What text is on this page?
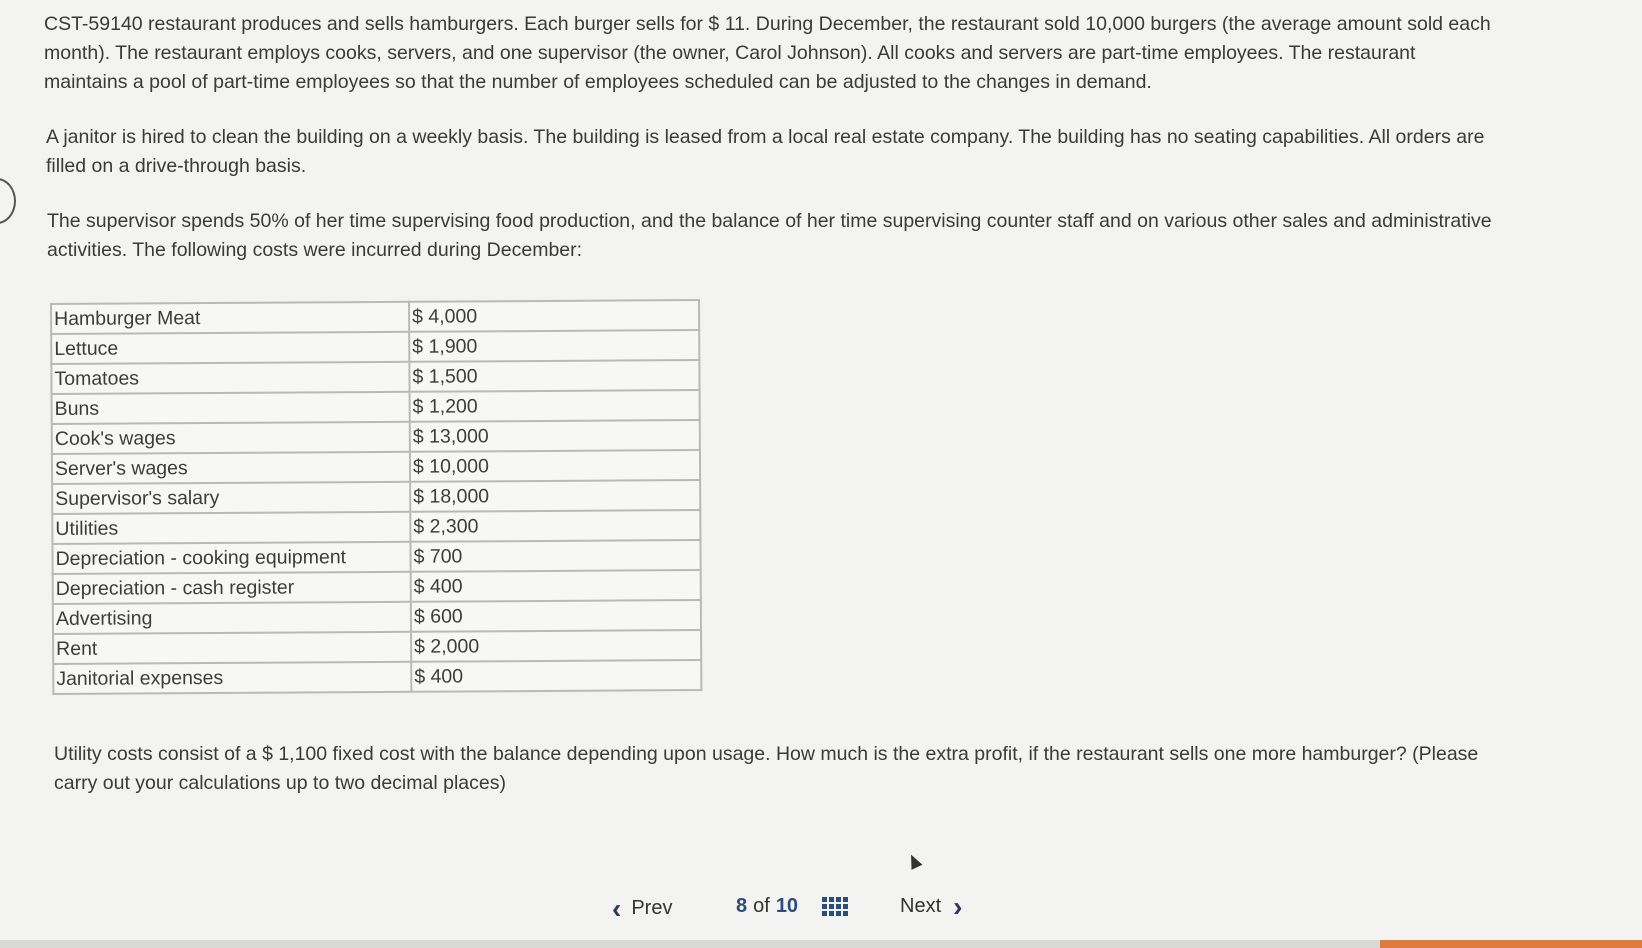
CST-59140 restaurant produces and sells hamburgers. Each burger sells for $ 11. During December, the restaurant sold 10,000 burgers (the average amount sold each month). The restaurant employs cooks, servers, and one supervisor (the owner, Carol Johnson). All cooks and servers are part-time employees. The restaurant maintains a pool of part-time employees so that the number of employees scheduled can be adjusted to the changes in demand.

A janitor is hired to clean the building on a weekly basis. The building is leased from a local real estate company. The building has no seating capabilities. All orders are filled on a drive-through basis.

The supervisor spends 50% of her time supervising food production, and the balance of her time supervising counter staff and on various other sales and administrative activities. The following costs were incurred during December:

Utility costs consist of a $ 1,100 fixed cost with the balance depending upon usage. How much is the extra profit, if the restaurant sells one more hamburger? (Please carry out your calculations up to two decimal places)

Hamburger Meat	$ 4,000
Lettuce	$ 1,900
Tomatoes	$ 1,500
Buns	$ 1,200
Cook's wages	$ 13,000
Server's wages	$ 10,000
Supervisor's salary	$ 18,000
Utilities	$ 2,300
Depreciation - cooking equipment	$ 700
Depreciation - cash register	$ 400
Advertising	$ 600
Rent	$ 2,000
Janitorial expenses	$ 400
‹ Prev	8 of 10	Next ›
